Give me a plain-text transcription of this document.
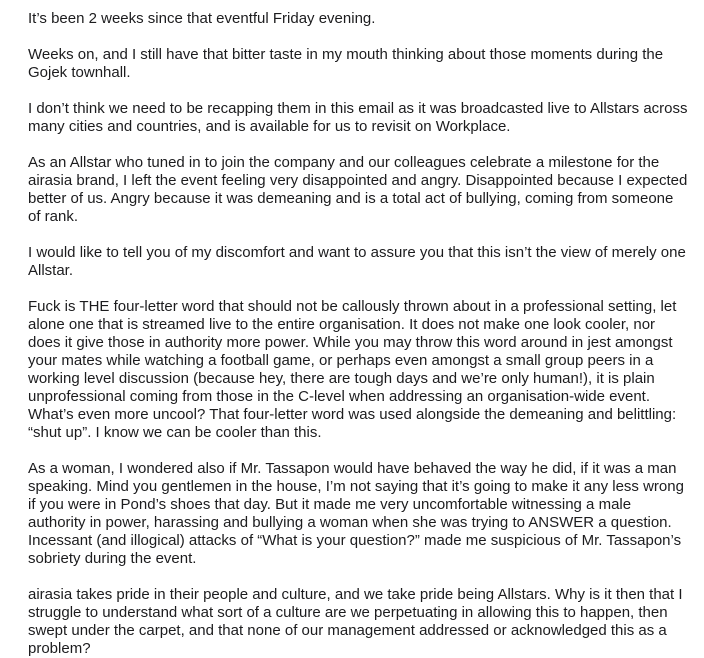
It’s been 2 weeks since that eventful Friday evening.

Weeks on, and I still have that bitter taste in my mouth thinking about those moments during the Gojek townhall.

I don’t think we need to be recapping them in this email as it was broadcasted live to Allstars across many cities and countries, and is available for us to revisit on Workplace.

As an Allstar who tuned in to join the company and our colleagues celebrate a milestone for the airasia brand, I left the event feeling very disappointed and angry. Disappointed because I expected better of us. Angry because it was demeaning and is a total act of bullying, coming from someone of rank.

I would like to tell you of my discomfort and want to assure you that this isn’t the view of merely one Allstar.

Fuck is THE four-letter word that should not be callously thrown about in a professional setting, let alone one that is streamed live to the entire organisation. It does not make one look cooler, nor does it give those in authority more power. While you may throw this word around in jest amongst your mates while watching a football game, or perhaps even amongst a small group peers in a working level discussion (because hey, there are tough days and we’re only human!), it is plain unprofessional coming from those in the C-level when addressing an organisation-wide event. What’s even more uncool? That four-letter word was used alongside the demeaning and belittling: “shut up”. I know we can be cooler than this.

As a woman, I wondered also if Mr. Tassapon would have behaved the way he did, if it was a man speaking. Mind you gentlemen in the house, I’m not saying that it’s going to make it any less wrong if you were in Pond’s shoes that day. But it made me very uncomfortable witnessing a male authority in power, harassing and bullying a woman when she was trying to ANSWER a question. Incessant (and illogical) attacks of “What is your question?” made me suspicious of Mr. Tassapon’s sobriety during the event.

airasia takes pride in their people and culture, and we take pride being Allstars. Why is it then that I struggle to understand what sort of a culture are we perpetuating in allowing this to happen, then swept under the carpet, and that none of our management addressed or acknowledged this as a problem?
